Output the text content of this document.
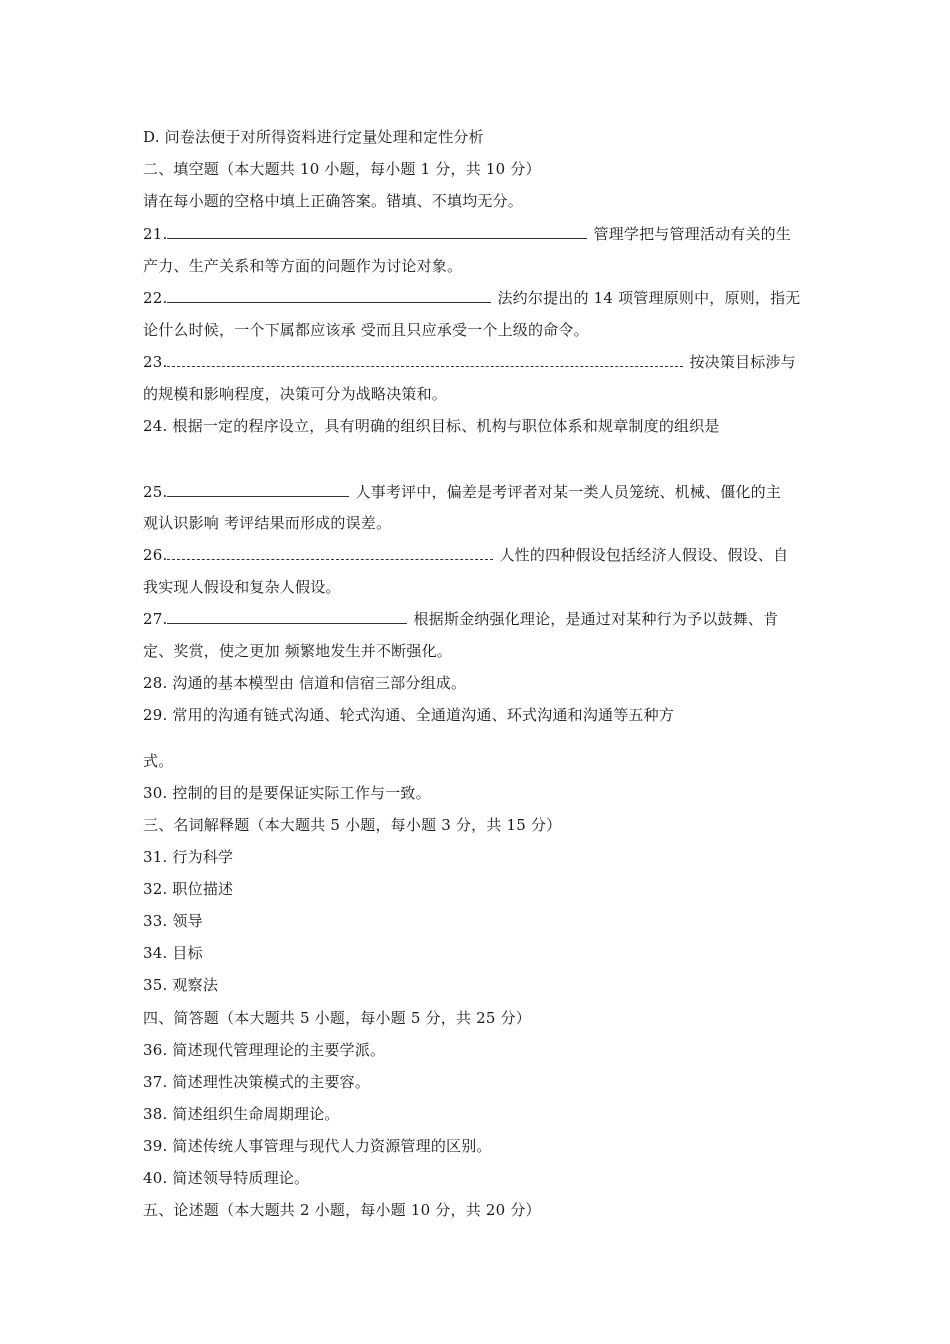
D. 问卷法便于对所得资料进行定量处理和定性分析
二、填空题（本大题共 10 小题，每小题 1 分，共 10 分）
请在每小题的空格中填上正确答案。错填、不填均无分。
21.	管理学把与管理活动有关的生
产力、生产关系和等方面的问题作为讨论对象。
22.	法约尔提出的 14 项管理原则中，原则，指无
论什么时候，一个下属都应该承 受而且只应承受一个上级的命令。
23.	按决策目标涉与
的规模和影响程度，决策可分为战略决策和。
24. 根据一定的程序设立，具有明确的组织目标、机构与职位体系和规章制度的组织是
25.	人事考评中，偏差是考评者对某一类人员笼统、机械、僵化的主
观认识影响 考评结果而形成的误差。
26.	人性的四种假设包括经济人假设、假设、自
我实现人假设和复杂人假设。
27.	根据斯金纳强化理论，是通过对某种行为予以鼓舞、肯
定、奖赏，使之更加 频繁地发生并不断强化。
28. 沟通的基本模型由 信道和信宿三部分组成。
29. 常用的沟通有链式沟通、轮式沟通、全通道沟通、环式沟通和沟通等五种方
式。
30. 控制的目的是要保证实际工作与一致。
三、名词解释题（本大题共 5 小题，每小题 3 分，共 15 分）
31. 行为科学
32. 职位描述
33. 领导
34. 目标
35. 观察法
四、简答题（本大题共 5 小题，每小题 5 分，共 25 分）
36. 简述现代管理理论的主要学派。
37. 简述理性决策模式的主要容。
38. 简述组织生命周期理论。
39. 简述传统人事管理与现代人力资源管理的区别。
40. 简述领导特质理论。
五、论述题（本大题共 2 小题，每小题 10 分，共 20 分）
